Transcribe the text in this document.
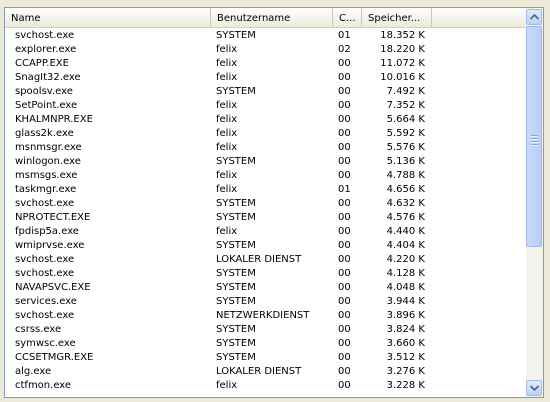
Name	Benutzername	C...	Speicher...
svchost.exe	SYSTEM	01	18.352 K
explorer.exe	felix	02	18.220 K
CCAPP.EXE	felix	00	11.072 K
SnagIt32.exe	felix	00	10.016 K
spoolsv.exe	SYSTEM	00	7.492 K
SetPoint.exe	felix	00	7.352 K
KHALMNPR.EXE	felix	00	5.664 K
glass2k.exe	felix	00	5.592 K
msnmsgr.exe	felix	00	5.576 K
winlogon.exe	SYSTEM	00	5.136 K
msmsgs.exe	felix	00	4.788 K
taskmgr.exe	felix	01	4.656 K
svchost.exe	SYSTEM	00	4.632 K
NPROTECT.EXE	SYSTEM	00	4.576 K
fpdisp5a.exe	felix	00	4.440 K
wmiprvse.exe	SYSTEM	00	4.404 K
svchost.exe	LOKALER DIENST	00	4.220 K
svchost.exe	SYSTEM	00	4.128 K
NAVAPSVC.EXE	SYSTEM	00	4.048 K
services.exe	SYSTEM	00	3.944 K
svchost.exe	NETZWERKDIENST	00	3.896 K
csrss.exe	SYSTEM	00	3.824 K
symwsc.exe	SYSTEM	00	3.660 K
CCSETMGR.EXE	SYSTEM	00	3.512 K
alg.exe	LOKALER DIENST	00	3.276 K
ctfmon.exe	felix	00	3.228 K
